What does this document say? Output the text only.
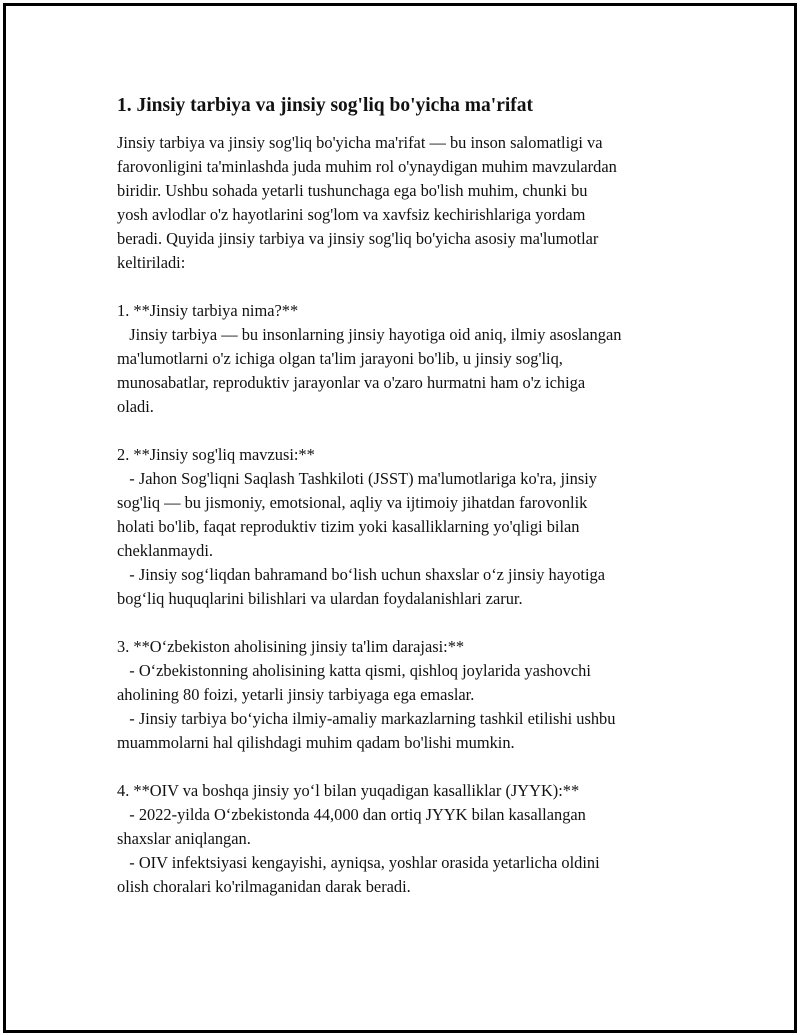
1. Jinsiy tarbiya va jinsiy sog'liq bo'yicha ma'rifat
Jinsiy tarbiya va jinsiy sog'liq bo'yicha ma'rifat — bu inson salomatligi va
farovonligini ta'minlashda juda muhim rol o'ynaydigan muhim mavzulardan
biridir. Ushbu sohada yetarli tushunchaga ega bo'lish muhim, chunki bu
yosh avlodlar o'z hayotlarini sog'lom va xavfsiz kechirishlariga yordam
beradi. Quyida jinsiy tarbiya va jinsiy sog'liq bo'yicha asosiy ma'lumotlar
keltiriladi:
1. **Jinsiy tarbiya nima?**
Jinsiy tarbiya — bu insonlarning jinsiy hayotiga oid aniq, ilmiy asoslangan
ma'lumotlarni o'z ichiga olgan ta'lim jarayoni bo'lib, u jinsiy sog'liq,
munosabatlar, reproduktiv jarayonlar va o'zaro hurmatni ham o'z ichiga
oladi.
2. **Jinsiy sog'liq mavzusi:**
- Jahon Sog'liqni Saqlash Tashkiloti (JSST) ma'lumotlariga ko'ra, jinsiy
sog'liq — bu jismoniy, emotsional, aqliy va ijtimoiy jihatdan farovonlik
holati bo'lib, faqat reproduktiv tizim yoki kasalliklarning yo'qligi bilan
cheklanmaydi.
- Jinsiy sogʻliqdan bahramand boʻlish uchun shaxslar oʻz jinsiy hayotiga
bogʻliq huquqlarini bilishlari va ulardan foydalanishlari zarur.
3. **Oʻzbekiston aholisining jinsiy ta'lim darajasi:**
- Oʻzbekistonning aholisining katta qismi, qishloq joylarida yashovchi
aholining 80 foizi, yetarli jinsiy tarbiyaga ega emaslar.
- Jinsiy tarbiya boʻyicha ilmiy-amaliy markazlarning tashkil etilishi ushbu
muammolarni hal qilishdagi muhim qadam bo'lishi mumkin.
4. **OIV va boshqa jinsiy yoʻl bilan yuqadigan kasalliklar (JYYK):**
- 2022-yilda Oʻzbekistonda 44,000 dan ortiq JYYK bilan kasallangan
shaxslar aniqlangan.
- OIV infektsiyasi kengayishi, ayniqsa, yoshlar orasida yetarlicha oldini
olish choralari ko'rilmaganidan darak beradi.
